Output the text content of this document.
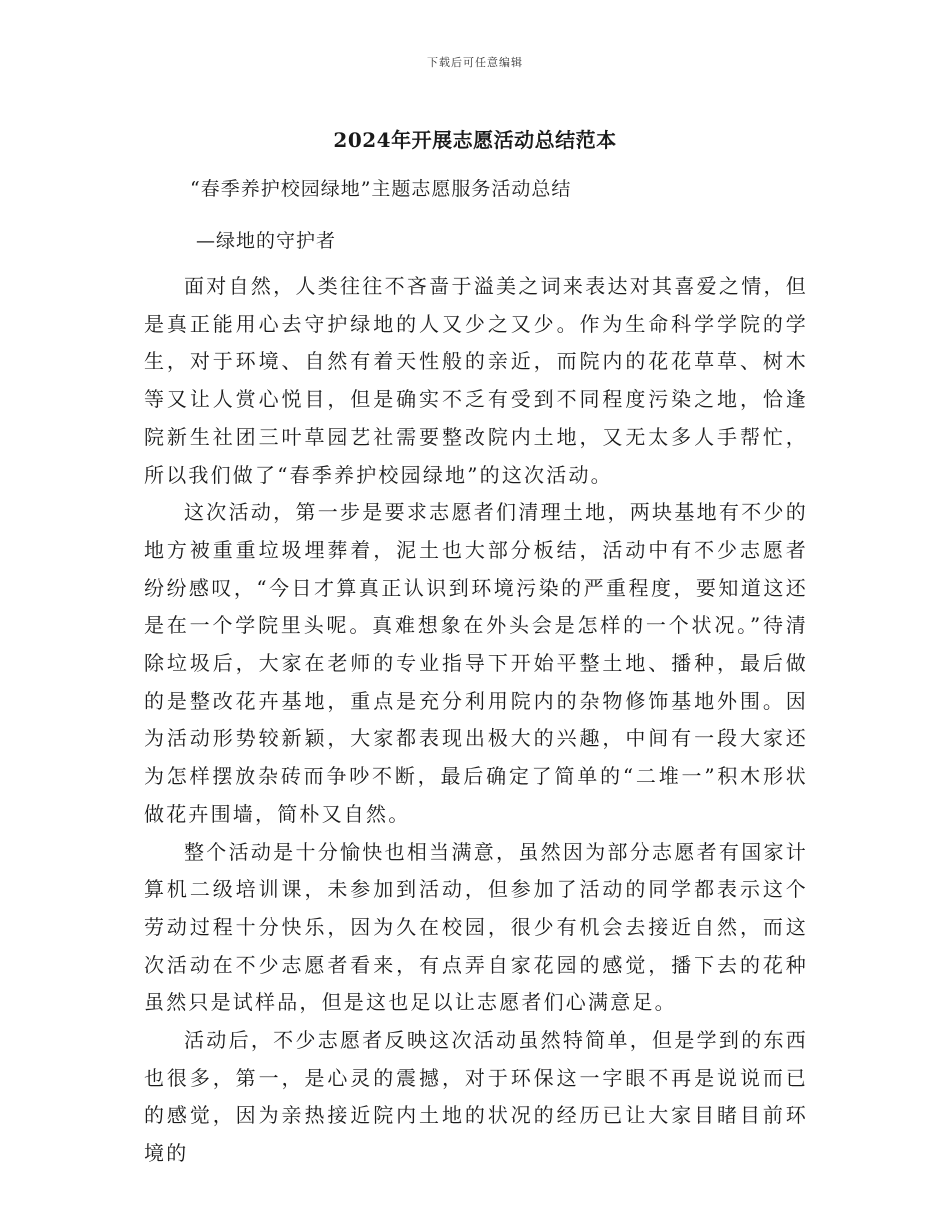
下载后可任意编辑
2024年开展志愿活动总结范本
“春季养护校园绿地”主题志愿服务活动总结
—绿地的守护者

面对自然，人类往往不吝啬于溢美之词来表达对其喜爱之情，但是真正能用心去守护绿地的人又少之又少。作为生命科学学院的学生，对于环境、自然有着天性般的亲近，而院内的花花草草、树木等又让人赏心悦目，但是确实不乏有受到不同程度污染之地，恰逢院新生社团三叶草园艺社需要整改院内土地，又无太多人手帮忙，所以我们做了“春季养护校园绿地”的这次活动。

这次活动，第一步是要求志愿者们清理土地，两块基地有不少的地方被重重垃圾埋葬着，泥土也大部分板结，活动中有不少志愿者纷纷感叹，“今日才算真正认识到环境污染的严重程度，要知道这还是在一个学院里头呢。真难想象在外头会是怎样的一个状况。”待清除垃圾后，大家在老师的专业指导下开始平整土地、播种，最后做的是整改花卉基地，重点是充分利用院内的杂物修饰基地外围。因为活动形势较新颖，大家都表现出极大的兴趣，中间有一段大家还为怎样摆放杂砖而争吵不断，最后确定了简单的“二堆一”积木形状做花卉围墙，简朴又自然。

整个活动是十分愉快也相当满意，虽然因为部分志愿者有国家计算机二级培训课，未参加到活动，但参加了活动的同学都表示这个劳动过程十分快乐，因为久在校园，很少有机会去接近自然，而这次活动在不少志愿者看来，有点弄自家花园的感觉，播下去的花种虽然只是试样品，但是这也足以让志愿者们心满意足。

活动后，不少志愿者反映这次活动虽然特简单，但是学到的东西也很多，第一，是心灵的震撼，对于环保这一字眼不再是说说而已的感觉，因为亲热接近院内土地的状况的经历已让大家目睹目前环境的
